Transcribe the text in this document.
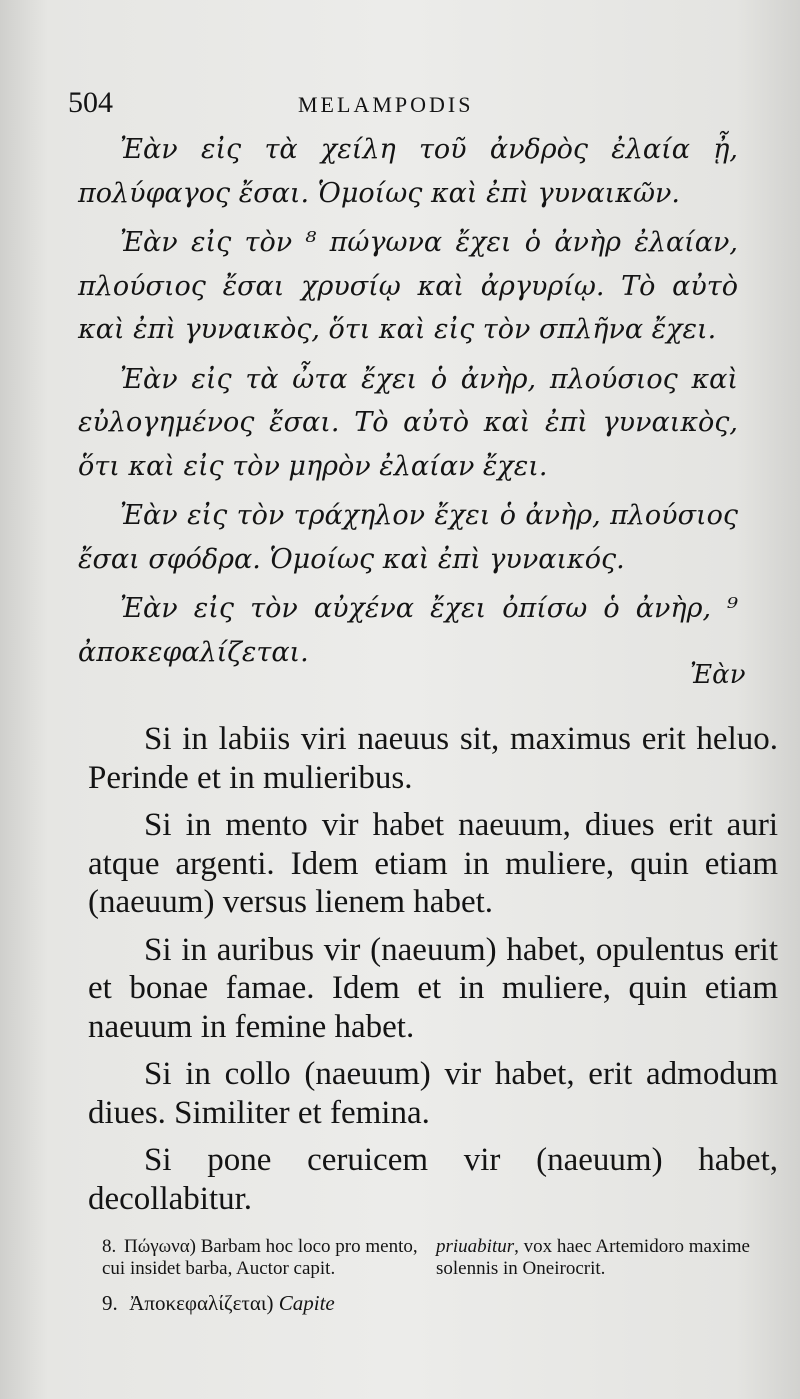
504	MELAMPODIS

Ἐὰν εἰς τὰ χείλη τοῦ ἀνδρὸς ἐλαία ᾖ, πολύφαγος ἔσαι. Ὁμοίως καὶ ἐπὶ γυναικῶν.

Ἐὰν εἰς τὸν ⁸ πώγωνα ἔχει ὁ ἀνὴρ ἐλαίαν, πλούσιος ἔσαι χρυσίῳ καὶ ἀργυρίῳ. Τὸ αὐτὸ καὶ ἐπὶ γυναικὸς, ὅτι καὶ εἰς τὸν σπλῆνα ἔχει.

Ἐὰν εἰς τὰ ὦτα ἔχει ὁ ἀνὴρ, πλούσιος καὶ εὐλογημένος ἔσαι. Τὸ αὐτὸ καὶ ἐπὶ γυναικὸς, ὅτι καὶ εἰς τὸν μηρὸν ἐλαίαν ἔχει.

Ἐὰν εἰς τὸν τράχηλον ἔχει ὁ ἀνὴρ, πλούσιος ἔσαι σφόδρα. Ὁμοίως καὶ ἐπὶ γυναικός.

Ἐὰν εἰς τὸν αὐχένα ἔχει ὀπίσω ὁ ἀνὴρ, ⁹ ἀποκεφαλίζεται.

Ἐὰν

Si in labiis viri naeuus sit, maximus erit heluo. Perinde et in mulieribus.

Si in mento vir habet naeuum, diues erit auri atque argenti. Idem etiam in muliere, quin etiam (naeuum) versus lienem habet.

Si in auribus vir (naeuum) habet, opulentus erit et bonae famae. Idem et in muliere, quin etiam naeuum in femine habet.

Si in collo (naeuum) vir habet, erit admodum diues. Similiter et femina.

Si pone ceruicem vir (naeuum) habet, decollabitur.

8. Πώγωνα) Barbam hoc loco pro mento, cui insidet barba, Auctor capit.
priuabitur, vox haec Artemidoro maxime solennis in Oneirocrit.
9. Ἀποκεφαλίζεται) Capite
